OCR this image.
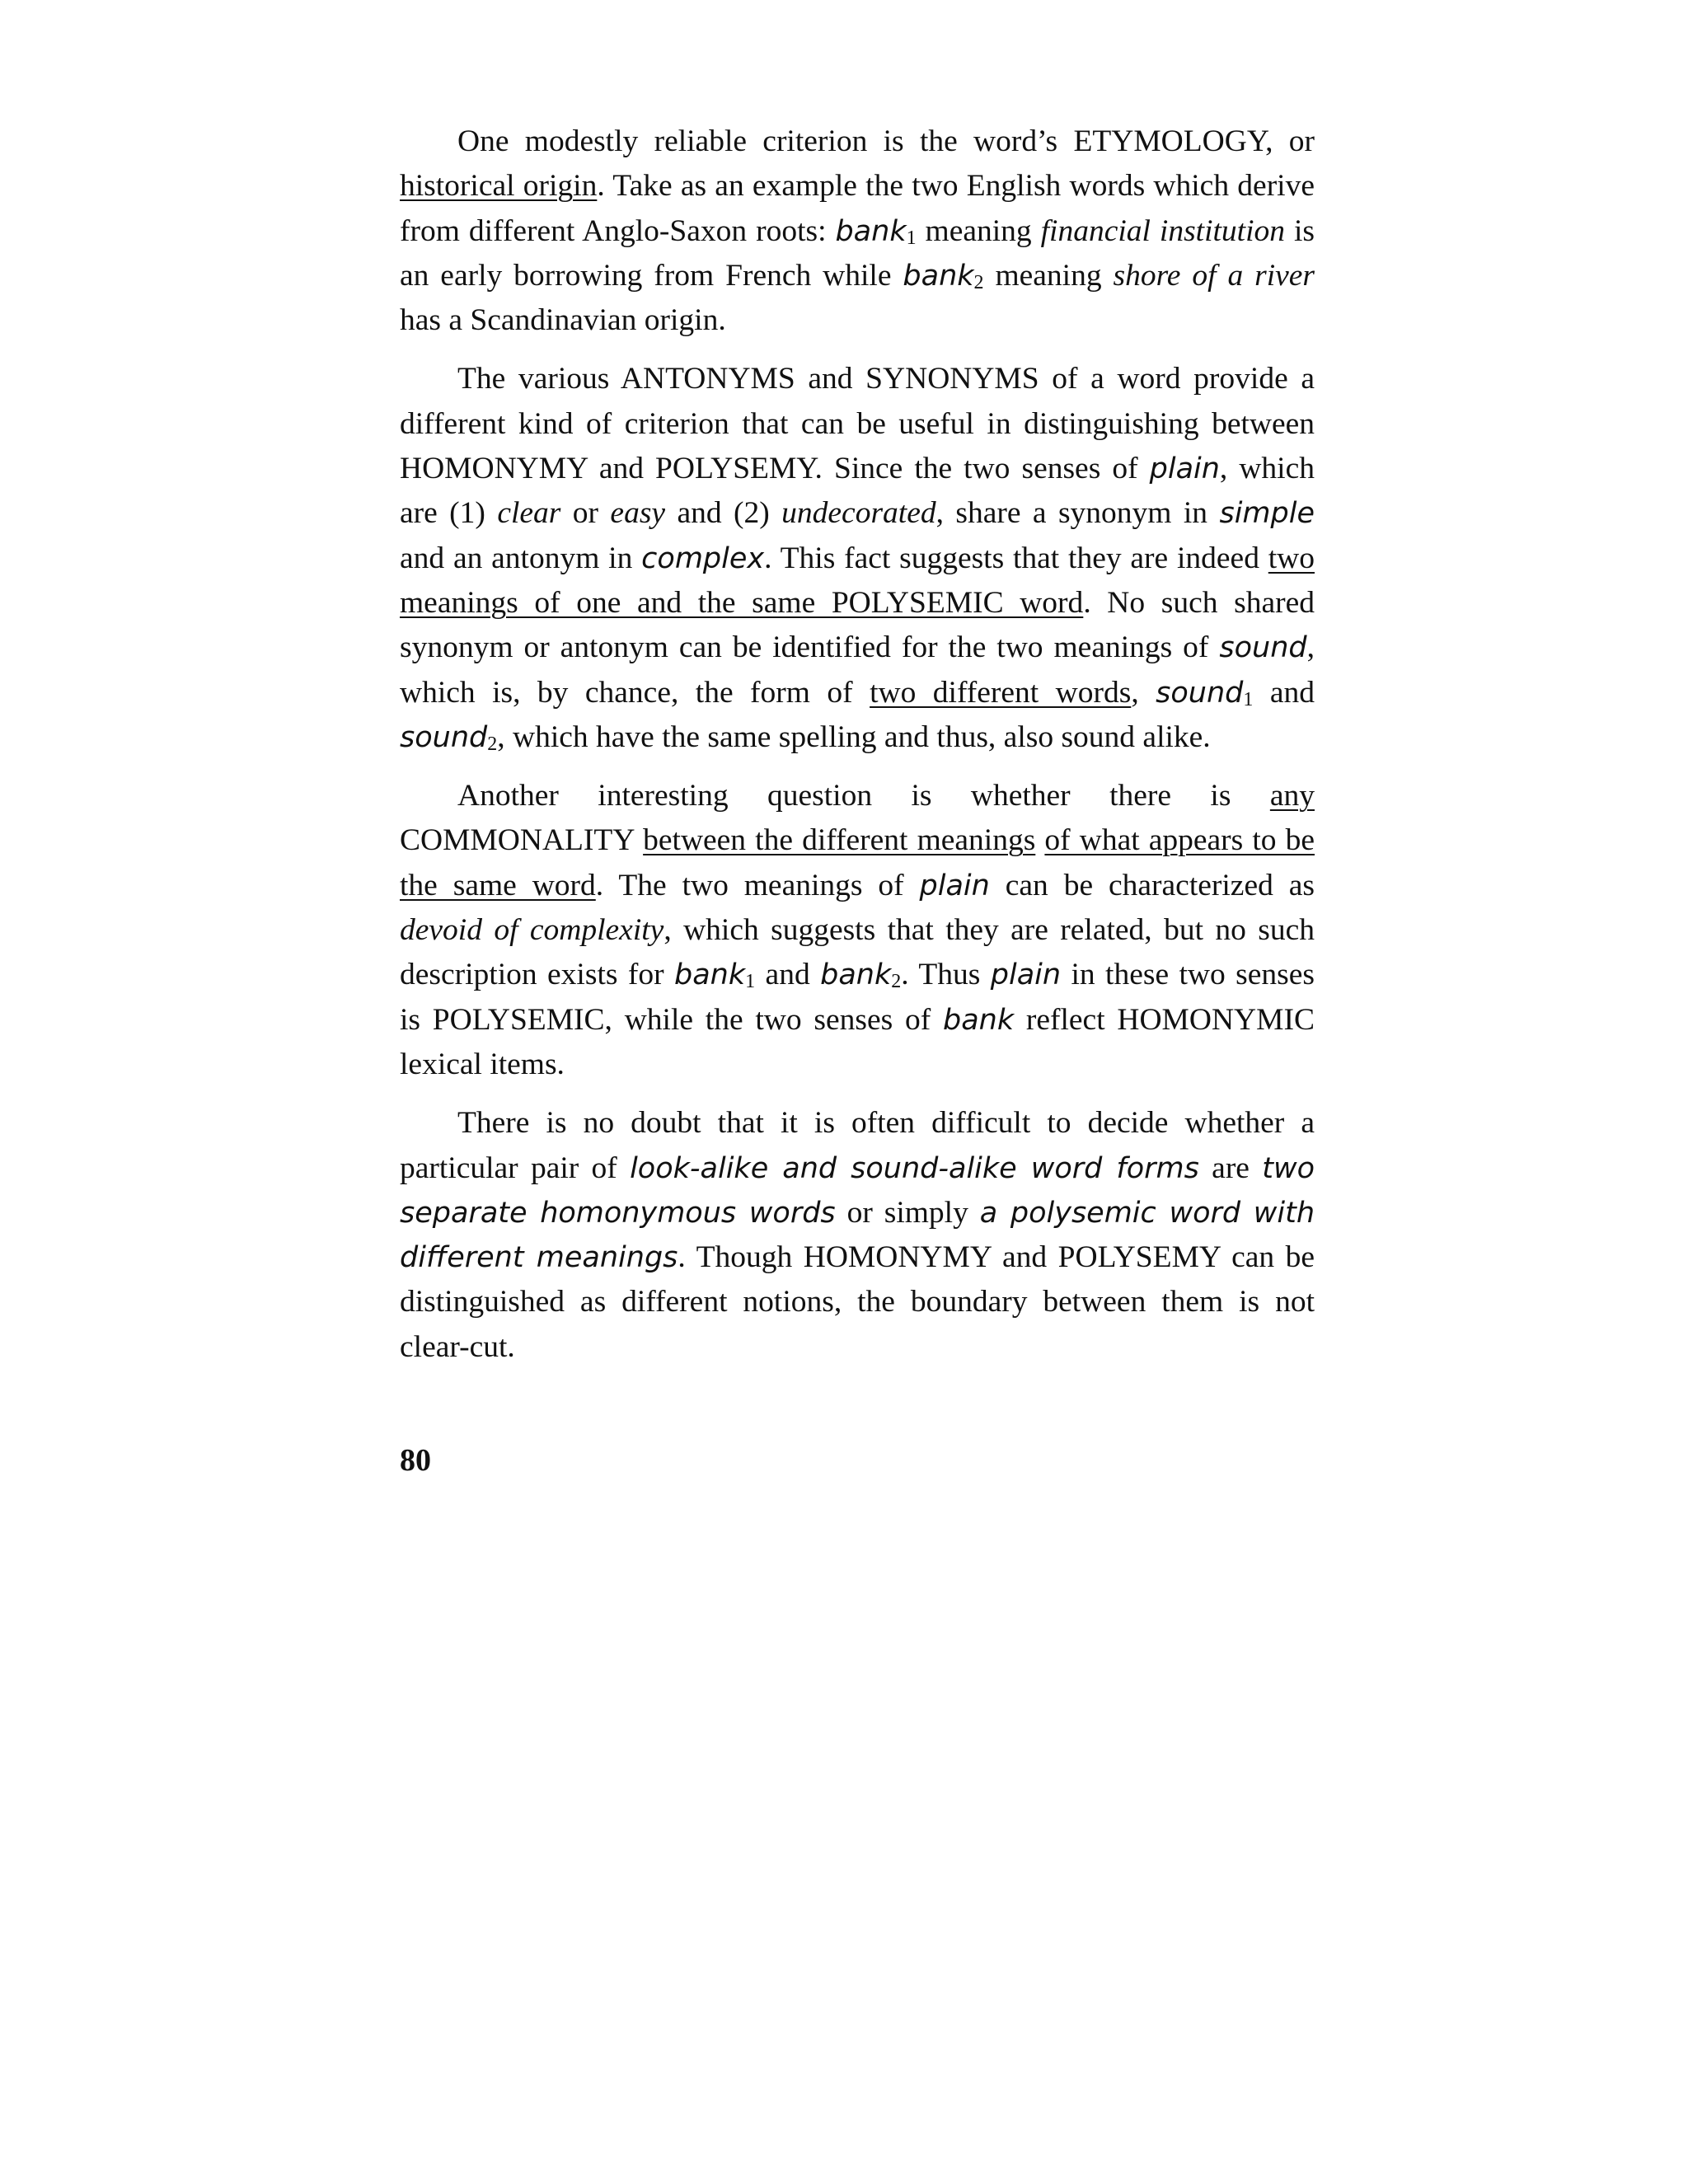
One modestly reliable criterion is the word’s ETYMOLOGY, or historical origin. Take as an example the two English words which derive from different Anglo-Saxon roots: bank$_1$ meaning financial institution is an early borrowing from French while bank$_2$ meaning shore of a river has a Scandinavian origin.

The various ANTONYMS and SYNONYMS of a word provide a different kind of criterion that can be useful in distinguishing between HOMONYMY and POLYSEMY. Since the two senses of plain, which are (1) clear or easy and (2) undecorated, share a synonym in simple and an antonym in complex. This fact suggests that they are indeed two meanings of one and the same POLYSEMIC word. No such shared synonym or antonym can be identified for the two meanings of sound, which is, by chance, the form of two different words, sound$_1$ and sound$_2$, which have the same spelling and thus, also sound alike.

Another interesting question is whether there is any COMMONALITY between the different meanings of what appears to be the same word. The two meanings of plain can be characterized as devoid of complexity, which suggests that they are related, but no such description exists for bank$_1$ and bank$_2$. Thus plain in these two senses is POLYSEMIC, while the two senses of bank reflect HOMONYMIC lexical items.

There is no doubt that it is often difficult to decide whether a particular pair of look-alike and sound-alike word forms are two separate homonymous words or simply a polysemic word with different meanings. Though HOMONYMY and POLYSEMY can be distinguished as different notions, the boundary between them is not clear-cut.

80
